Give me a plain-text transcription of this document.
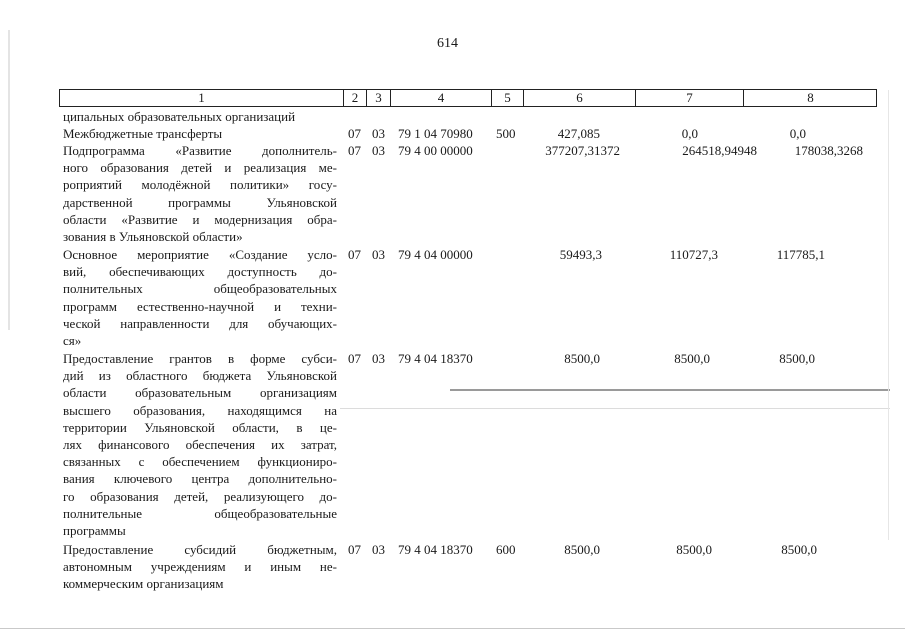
614
1	2	3	4	5	6	7	8
ципальных образовательных организаций
Межбюджетные трансферты	07 03 79 1 04 70980 500	427,085	0,0	0,0
Подпрограмма «Развитие дополнитель-
ного образования детей и реализация ме-
роприятий молодёжной политики» госу-
дарственной программы Ульяновской
области «Развитие и модернизация обра-
зования в Ульяновской области»
07 03 79 4 00 00000	377207,31372	264518,94948	178038,3268
Основное мероприятие «Создание усло-
вий, обеспечивающих доступность до-
полнительных общеобразовательных
программ естественно-научной и техни-
ческой направленности для обучающих-
ся»
07 03 79 4 04 00000	59493,3	110727,3	117785,1
Предоставление грантов в форме субси-
дий из областного бюджета Ульяновской
области образовательным организациям
высшего образования, находящимся на
территории Ульяновской области, в це-
лях финансового обеспечения их затрат,
связанных с обеспечением функциониро-
вания ключевого центра дополнительно-
го образования детей, реализующего до-
полнительные общеобразовательные
программы
07 03 79 4 04 18370	8500,0	8500,0	8500,0
Предоставление субсидий бюджетным,
автономным учреждениям и иным не-
коммерческим организациям
07 03 79 4 04 18370 600	8500,0	8500,0	8500,0
